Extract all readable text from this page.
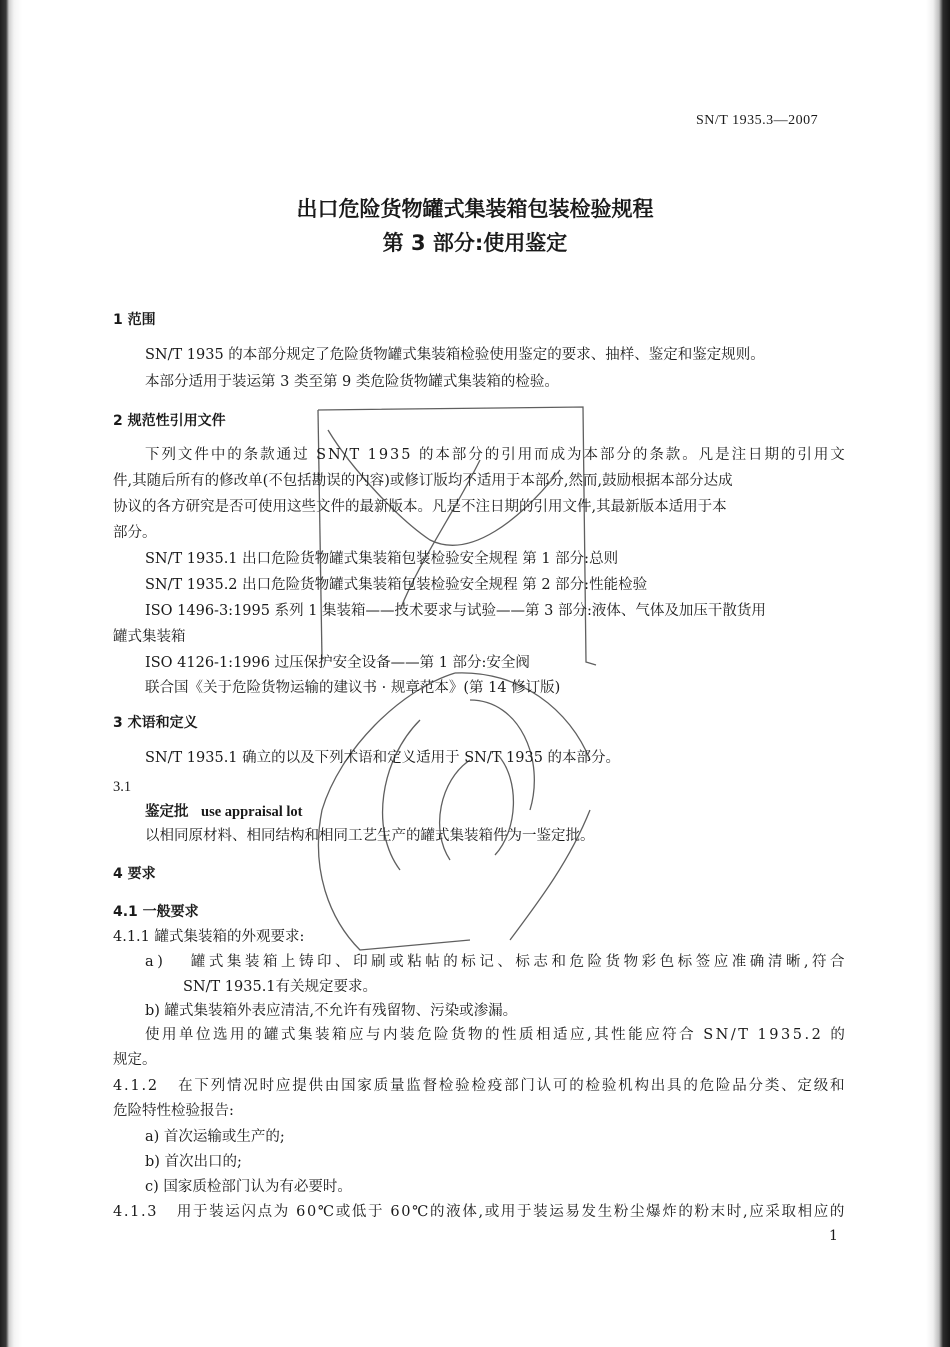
SN/T 1935.3—2007
出口危险货物罐式集装箱包装检验规程
第 3 部分:使用鉴定
1 范围
SN/T 1935 的本部分规定了危险货物罐式集装箱检验使用鉴定的要求、抽样、鉴定和鉴定规则。
本部分适用于装运第 3 类至第 9 类危险货物罐式集装箱的检验。
2 规范性引用文件
下 列 文 件 中 的 条 款 通 过
S N / T
1 9 3 5
的 本 部 分 的 引 用 而 成 为 本 部 分 的 条 款 。 凡 是 注 日 期 的 引 用 文
件,其随后所有的修改单(不包括勘误的内容)或修订版均不适用于本部分,然而,鼓励根据本部分达成
协议的各方研究是否可使用这些文件的最新版本。凡是不注日期的引用文件,其最新版本适用于本
部分。
SN/T 1935.1 出口危险货物罐式集装箱包装检验安全规程 第 1 部分:总则
SN/T 1935.2 出口危险货物罐式集装箱包装检验安全规程 第 2 部分:性能检验
ISO 1496-3:1995 系列 1 集装箱——技术要求与试验——第 3 部分:液体、气体及加压干散货用
罐式集装箱
ISO 4126-1:1996 过压保护安全设备——第 1 部分:安全阀
联合国《关于危险货物运输的建议书 · 规章范本》(第 14 修订版)
3 术语和定义
SN/T 1935.1 确立的以及下列术语和定义适用于 SN/T 1935 的本部分。
3.1
鉴定批 use appraisal lot
以相同原材料、相同结构和相同工艺生产的罐式集装箱件为一鉴定批。
4 要求
4.1 一般要求
4.1.1 罐式集装箱的外观要求:
a )

罐 式 集 装 箱 上 铸 印 、 印 刷 或 粘 帖 的 标 记 、 标 志 和 危 险 货 物 彩 色 标 签 应 准 确 清 晰 , 符 合
SN/T 1935.1有关规定要求。
b) 罐式集装箱外表应清洁,不允许有残留物、污染或渗漏。
使 用 单 位 选 用 的 罐 式 集 装 箱 应 与 内 装 危 险 货 物 的 性 质 相 适 应 , 其 性 能 应 符 合
S N / T
1 9 3 5 . 2
的
规定。
4 . 1 . 2

在 下 列 情 况 时 应 提 供 由 国 家 质 量 监 督 检 验 检 疫 部 门 认 可 的 检 验 机 构 出 具 的 危 险 品 分 类 、 定 级 和
危险特性检验报告:
a) 首次运输或生产的;
b) 首次出口的;
c) 国家质检部门认为有必要时。
4 . 1 . 3

用 于 装 运 闪 点 为
6 0 ℃ 或 低 于
6 0 ℃ 的 液 体 , 或 用 于 装 运 易 发 生 粉 尘 爆 炸 的 粉 末 时 , 应 采 取 相 应 的
1
